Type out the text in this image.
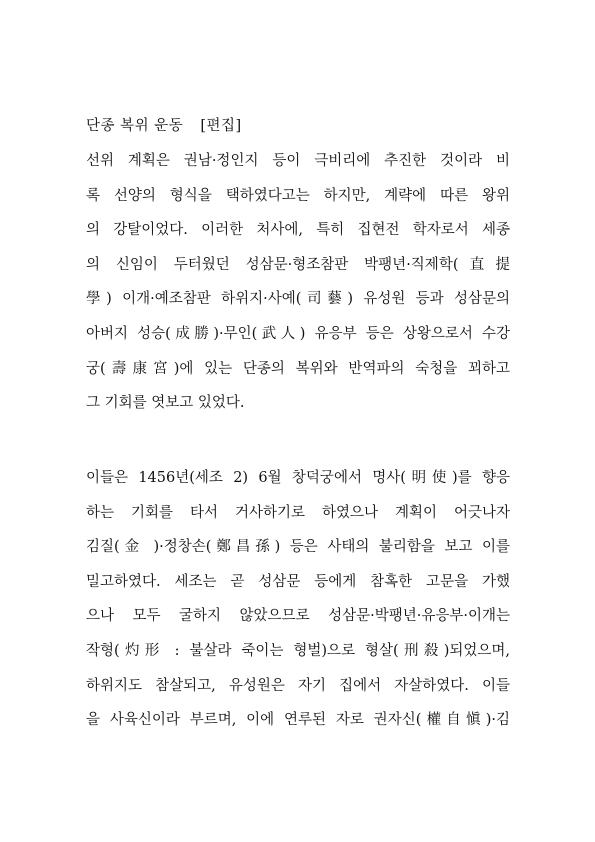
단종 복위 운동 [편집]
선위 계획은 권남·정인지 등이 극비리에 추진한 것이라 비
록 선양의 형식을 택하였다고는 하지만, 계략에 따른 왕위
의 강탈이었다. 이러한 처사에, 특히 집현전 학자로서 세종
의 신임이 두터웠던 성삼문·형조참판 박팽년·직제학(直提
學) 이개·예조참판 하위지·사예(司藝) 유성원 등과 성삼문의
아버지 성승(成勝)·무인(武人) 유응부 등은 상왕으로서 수강
궁(壽康宮)에 있는 단종의 복위와 반역파의 숙청을 꾀하고
그 기회를 엿보고 있었다.
이들은 1456년(세조 2) 6월 창덕궁에서 명사(明使)를 향응
하는 기회를 타서 거사하기로 하였으나 계획이 어긋나자
김질(金 )·정창손(鄭昌孫) 등은 사태의 불리함을 보고 이를
밀고하였다. 세조는 곧 성삼문 등에게 참혹한 고문을 가했
으나 모두 굴하지 않았으므로 성삼문·박팽년·유응부·이개는
작형(灼形 : 불살라 죽이는 형벌)으로 형살(刑殺)되었으며,
하위지도 참살되고, 유성원은 자기 집에서 자살하였다. 이들
을 사육신이라 부르며, 이에 연루된 자로 권자신(權自愼)·김
